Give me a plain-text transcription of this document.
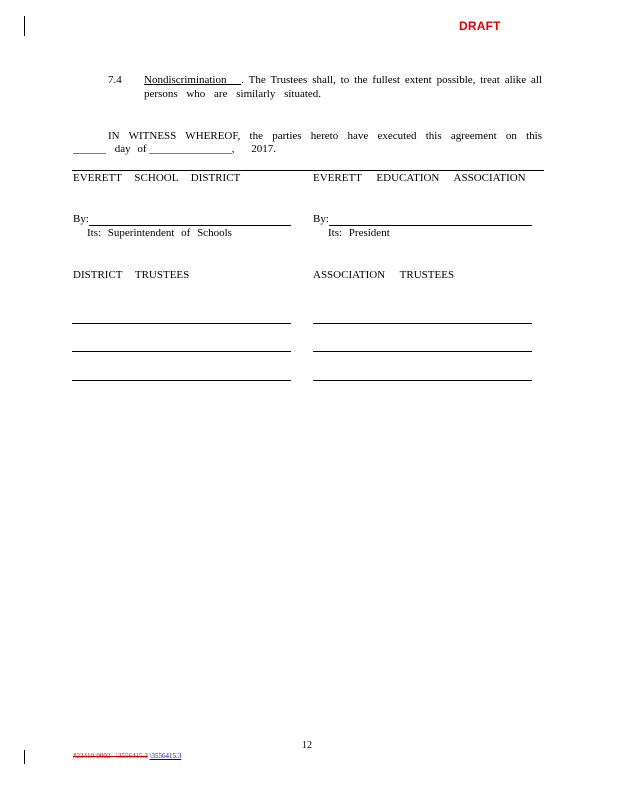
DRAFT
7.4 Nondiscrimination . The Trustees shall, to the fullest extent possible, treat alike all
persons who are similarly situated.
IN WITNESS WHEREOF, the parties hereto have executed this agreement on this
______ day of _______________, 2017.
EVERETT SCHOOL DISTRICT	EVERETT EDUCATION ASSOCIATION
By:
Its: Superintendent of Schools
By:
Its: President
DISTRICT TRUSTEES	ASSOCIATION TRUSTEES
12
#23410-0002 - \3556415.3 \3556415.3
